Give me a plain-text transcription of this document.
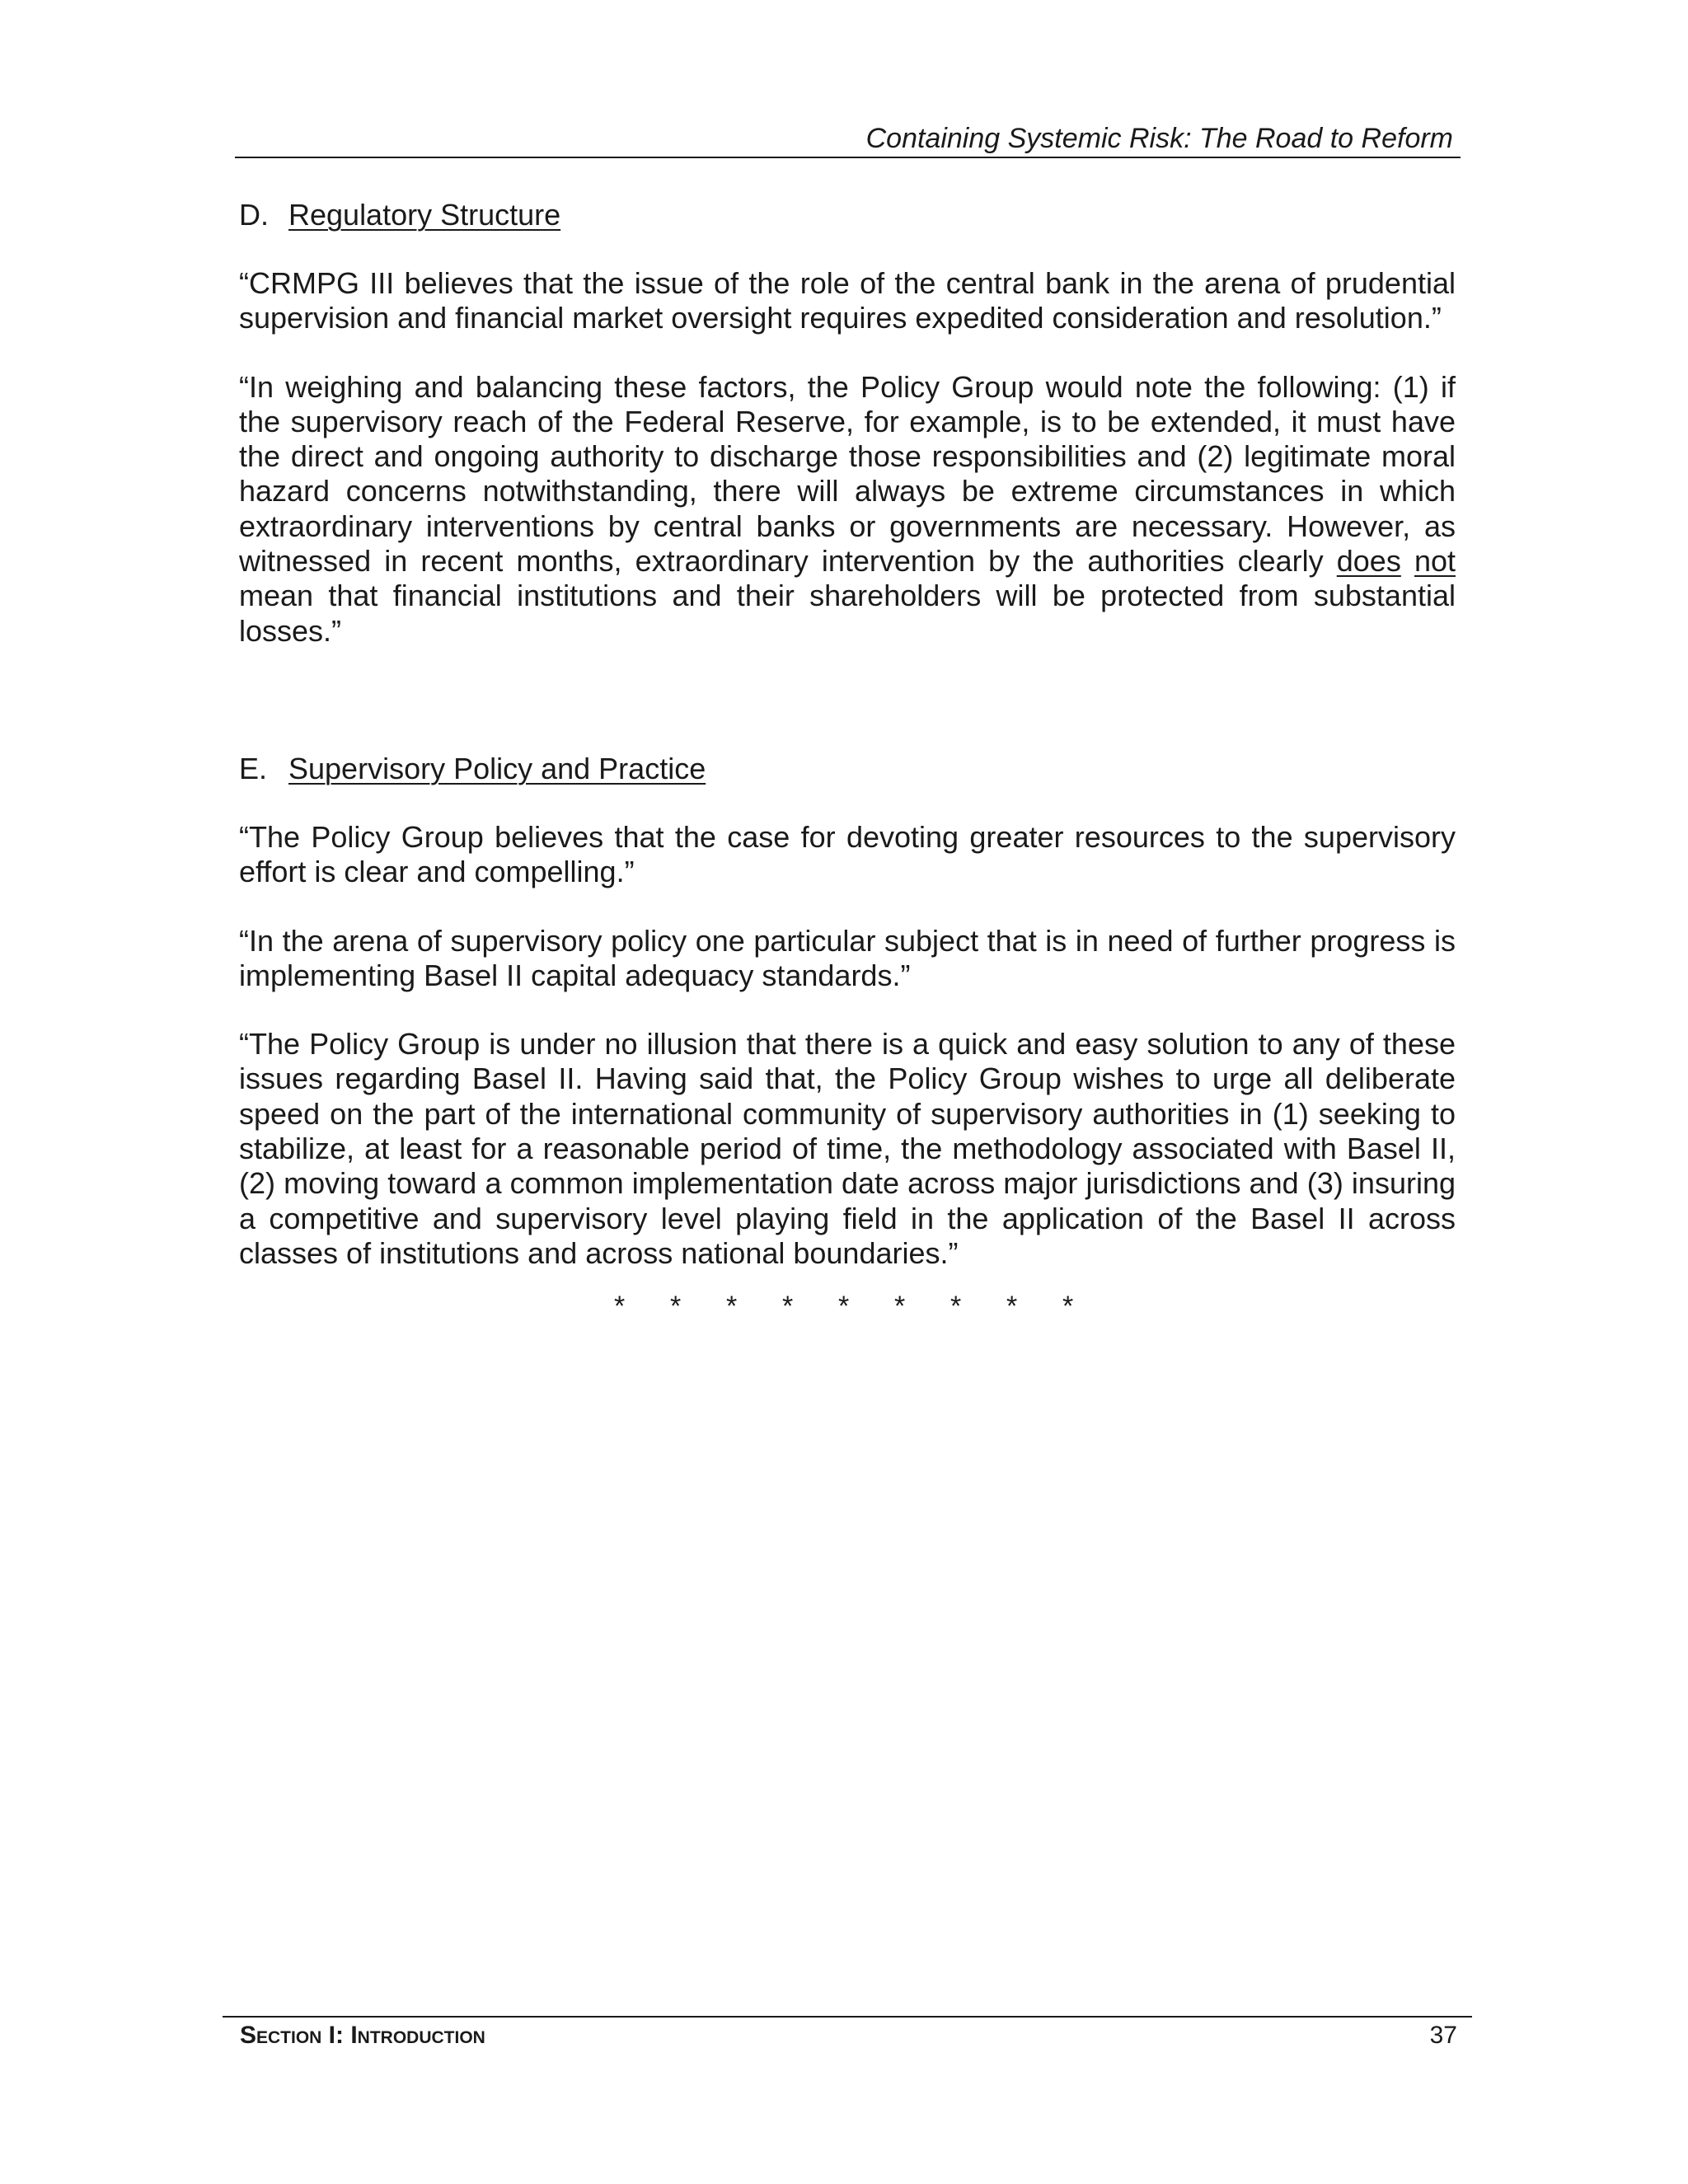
Containing Systemic Risk: The Road to Reform
D. Regulatory Structure

“CRMPG III believes that the issue of the role of the central bank in the arena of prudential supervision and financial market oversight requires expedited consideration and resolution.”

“In weighing and balancing these factors, the Policy Group would note the following: (1) if the supervisory reach of the Federal Reserve, for example, is to be extended, it must have the direct and ongoing authority to discharge those responsibilities and (2) legitimate moral hazard concerns notwithstanding, there will always be extreme circumstances in which extraordinary interventions by central banks or governments are necessary. However, as witnessed in recent months, extraordinary intervention by the authorities clearly does not mean that financial institutions and their shareholders will be protected from substantial losses.”

E. Supervisory Policy and Practice

“The Policy Group believes that the case for devoting greater resources to the supervisory effort is clear and compelling.”

“In the arena of supervisory policy one particular subject that is in need of further progress is implementing Basel II capital adequacy standards.”

“The Policy Group is under no illusion that there is a quick and easy solution to any of these issues regarding Basel II. Having said that, the Policy Group wishes to urge all deliberate speed on the part of the international community of supervisory authorities in (1) seeking to stabilize, at least for a reasonable period of time, the methodology associated with Basel II, (2) moving toward a common implementation date across major jurisdictions and (3) insuring a competitive and supervisory level playing field in the application of the Basel II across classes of institutions and across national boundaries.”

* * * * * * * * *
Section I: Introduction	37
